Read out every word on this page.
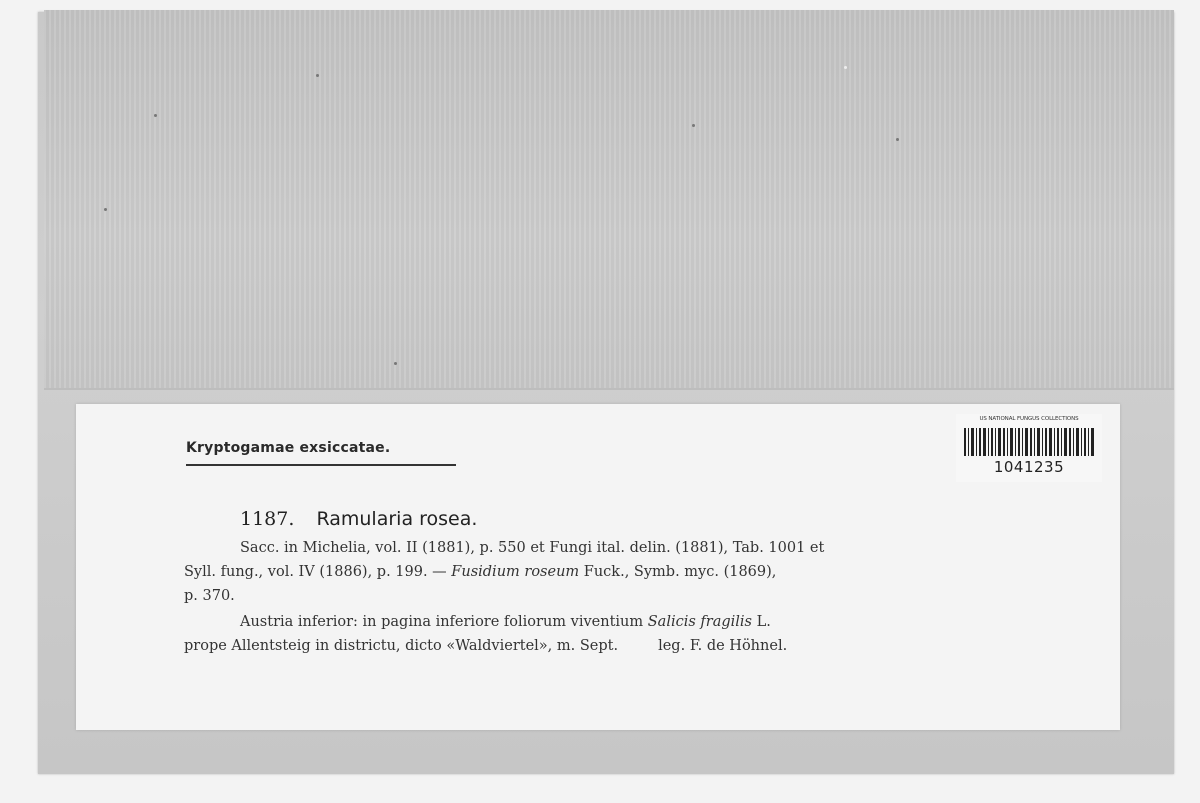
Kryptogamae exsiccatae.
1187. Ramularia rosea.
Sacc. in Michelia, vol. II (1881), p. 550 et Fungi ital. delin. (1881), Tab. 1001 et
Syll. fung., vol. IV (1886), p. 199. — Fusidium roseum Fuck., Symb. myc. (1869),
p. 370.
Austria inferior: in pagina inferiore foliorum viventium Salicis fragilis L.
prope Allentsteig in districtu, dicto «Waldviertel», m. Sept.	leg. F. de Höhnel.
US NATIONAL FUNGUS COLLECTIONS
1041235
